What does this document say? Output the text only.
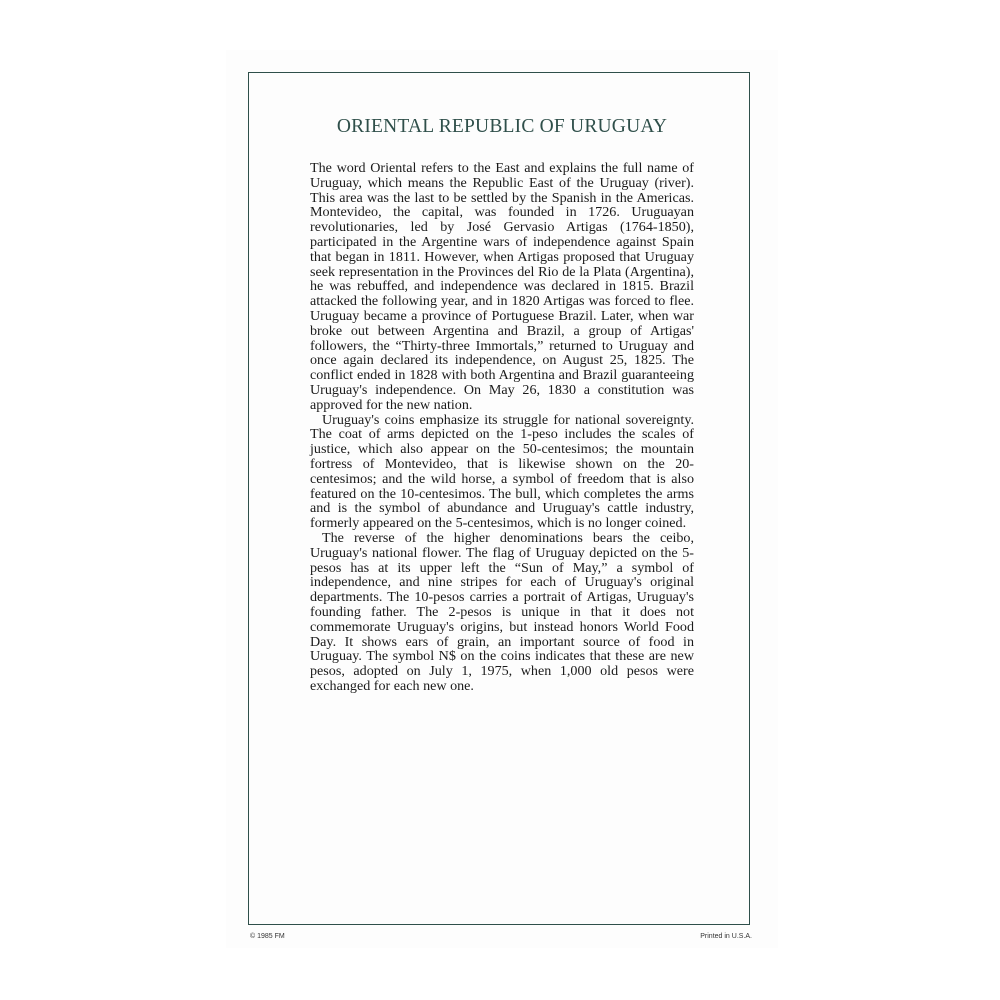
ORIENTAL REPUBLIC OF URUGUAY

The word Oriental refers to the East and explains the full name of Uruguay, which means the Republic East of the Uruguay (river). This area was the last to be settled by the Spanish in the Americas. Montevideo, the capital, was founded in 1726. Uruguayan revolutionaries, led by José Gervasio Artigas (1764-1850), participated in the Argentine wars of independence against Spain that began in 1811. However, when Artigas proposed that Uruguay seek representation in the Provinces del Rio de la Plata (Argentina), he was rebuffed, and independence was declared in 1815. Brazil attacked the following year, and in 1820 Artigas was forced to flee. Uruguay became a province of Portuguese Brazil. Later, when war broke out between Argentina and Brazil, a group of Artigas' followers, the “Thirty-three Immortals,” returned to Uruguay and once again declared its independence, on August 25, 1825. The conflict ended in 1828 with both Argentina and Brazil guaranteeing Uruguay's independence. On May 26, 1830 a constitution was approved for the new nation.

Uruguay's coins emphasize its struggle for national sovereignty. The coat of arms depicted on the 1-peso includes the scales of justice, which also appear on the 50-centesimos; the mountain fortress of Montevideo, that is likewise shown on the 20-centesimos; and the wild horse, a symbol of freedom that is also featured on the 10-centesimos. The bull, which completes the arms and is the symbol of abundance and Uruguay's cattle industry, formerly appeared on the 5-centesimos, which is no longer coined.

The reverse of the higher denominations bears the ceibo, Uruguay's national flower. The flag of Uruguay depicted on the 5-pesos has at its upper left the “Sun of May,” a symbol of independence, and nine stripes for each of Uruguay's original departments. The 10-pesos carries a portrait of Artigas, Uruguay's founding father. The 2-pesos is unique in that it does not commemorate Uruguay's origins, but instead honors World Food Day. It shows ears of grain, an important source of food in Uruguay. The symbol N$ on the coins indicates that these are new pesos, adopted on July 1, 1975, when 1,000 old pesos were exchanged for each new one.

© 1985 FM	Printed in U.S.A.
